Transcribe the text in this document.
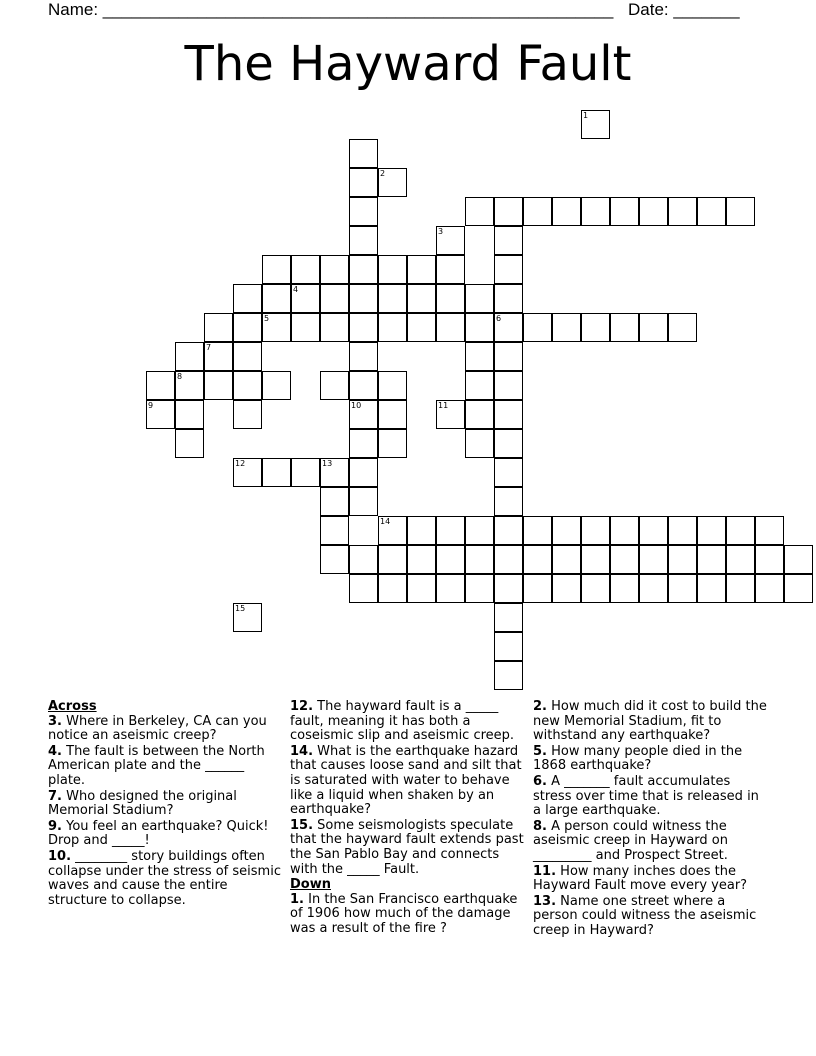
Name: ______________________________________________________ Date: _______
The Hayward Fault
10
6
4
5
8
12	13
14
1
2
3
7
9	11
15

Across

3. Where in Berkeley, CA can you notice an aseismic creep?

4. The fault is between the North American plate and the ______ plate.

7. Who designed the original Memorial Stadium?

9. You feel an earthquake? Quick! Drop and _____!

10. ________ story buildings often collapse under the stress of seismic waves and cause the entire structure to collapse.

12. The hayward fault is a _____ fault, meaning it has both a coseismic slip and aseismic creep.

14. What is the earthquake hazard that causes loose sand and silt that is saturated with water to behave like a liquid when shaken by an earthquake?

15. Some seismologists speculate that the hayward fault extends past the San Pablo Bay and connects with the _____ Fault.

Down

1. In the San Francisco earthquake of 1906 how much of the damage was a result of the fire ?

2. How much did it cost to build the new Memorial Stadium, fit to withstand any earthquake?

5. How many people died in the 1868 earthquake?

6. A _______ fault accumulates stress over time that is released in a large earthquake.

8. A person could witness the aseismic creep in Hayward on _________ and Prospect Street.

11. How many inches does the Hayward Fault move every year?

13. Name one street where a person could witness the aseismic creep in Hayward?
